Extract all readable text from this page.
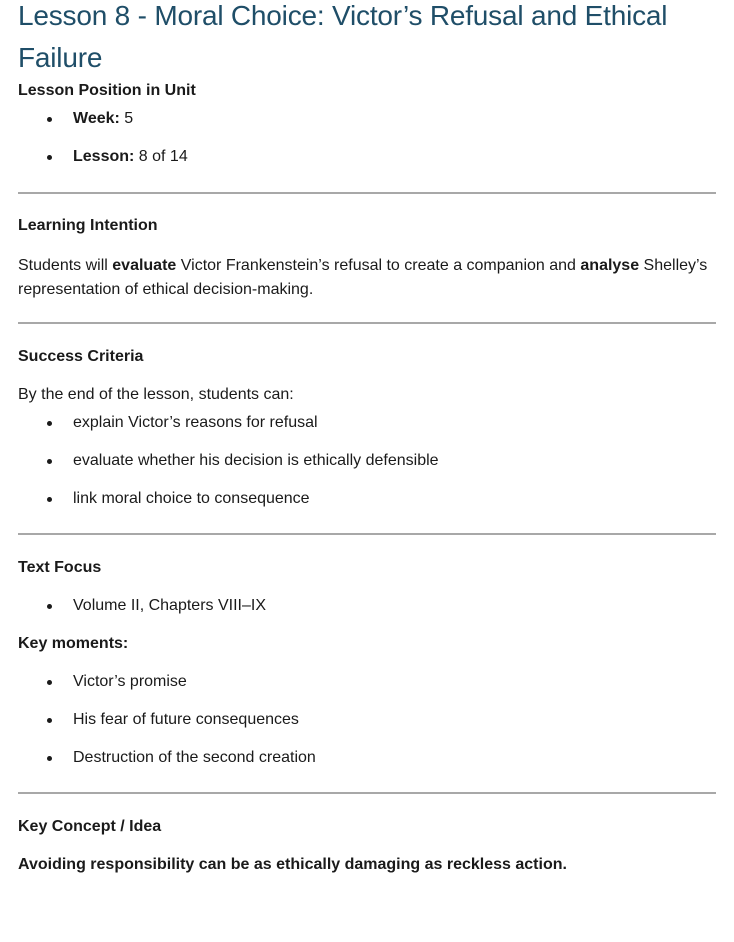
Lesson 8 - Moral Choice: Victor’s Refusal and Ethical Failure
Lesson Position in Unit
Week: 5
Lesson: 8 of 14
Learning Intention

Students will evaluate Victor Frankenstein’s refusal to create a companion and analyse Shelley’s representation of ethical decision-making.

Success Criteria

By the end of the lesson, students can:

explain Victor’s reasons for refusal
evaluate whether his decision is ethically defensible
link moral choice to consequence
Text Focus
Volume II, Chapters VIII–IX
Key moments:
Victor’s promise
His fear of future consequences
Destruction of the second creation
Key Concept / Idea
Avoiding responsibility can be as ethically damaging as reckless action.
